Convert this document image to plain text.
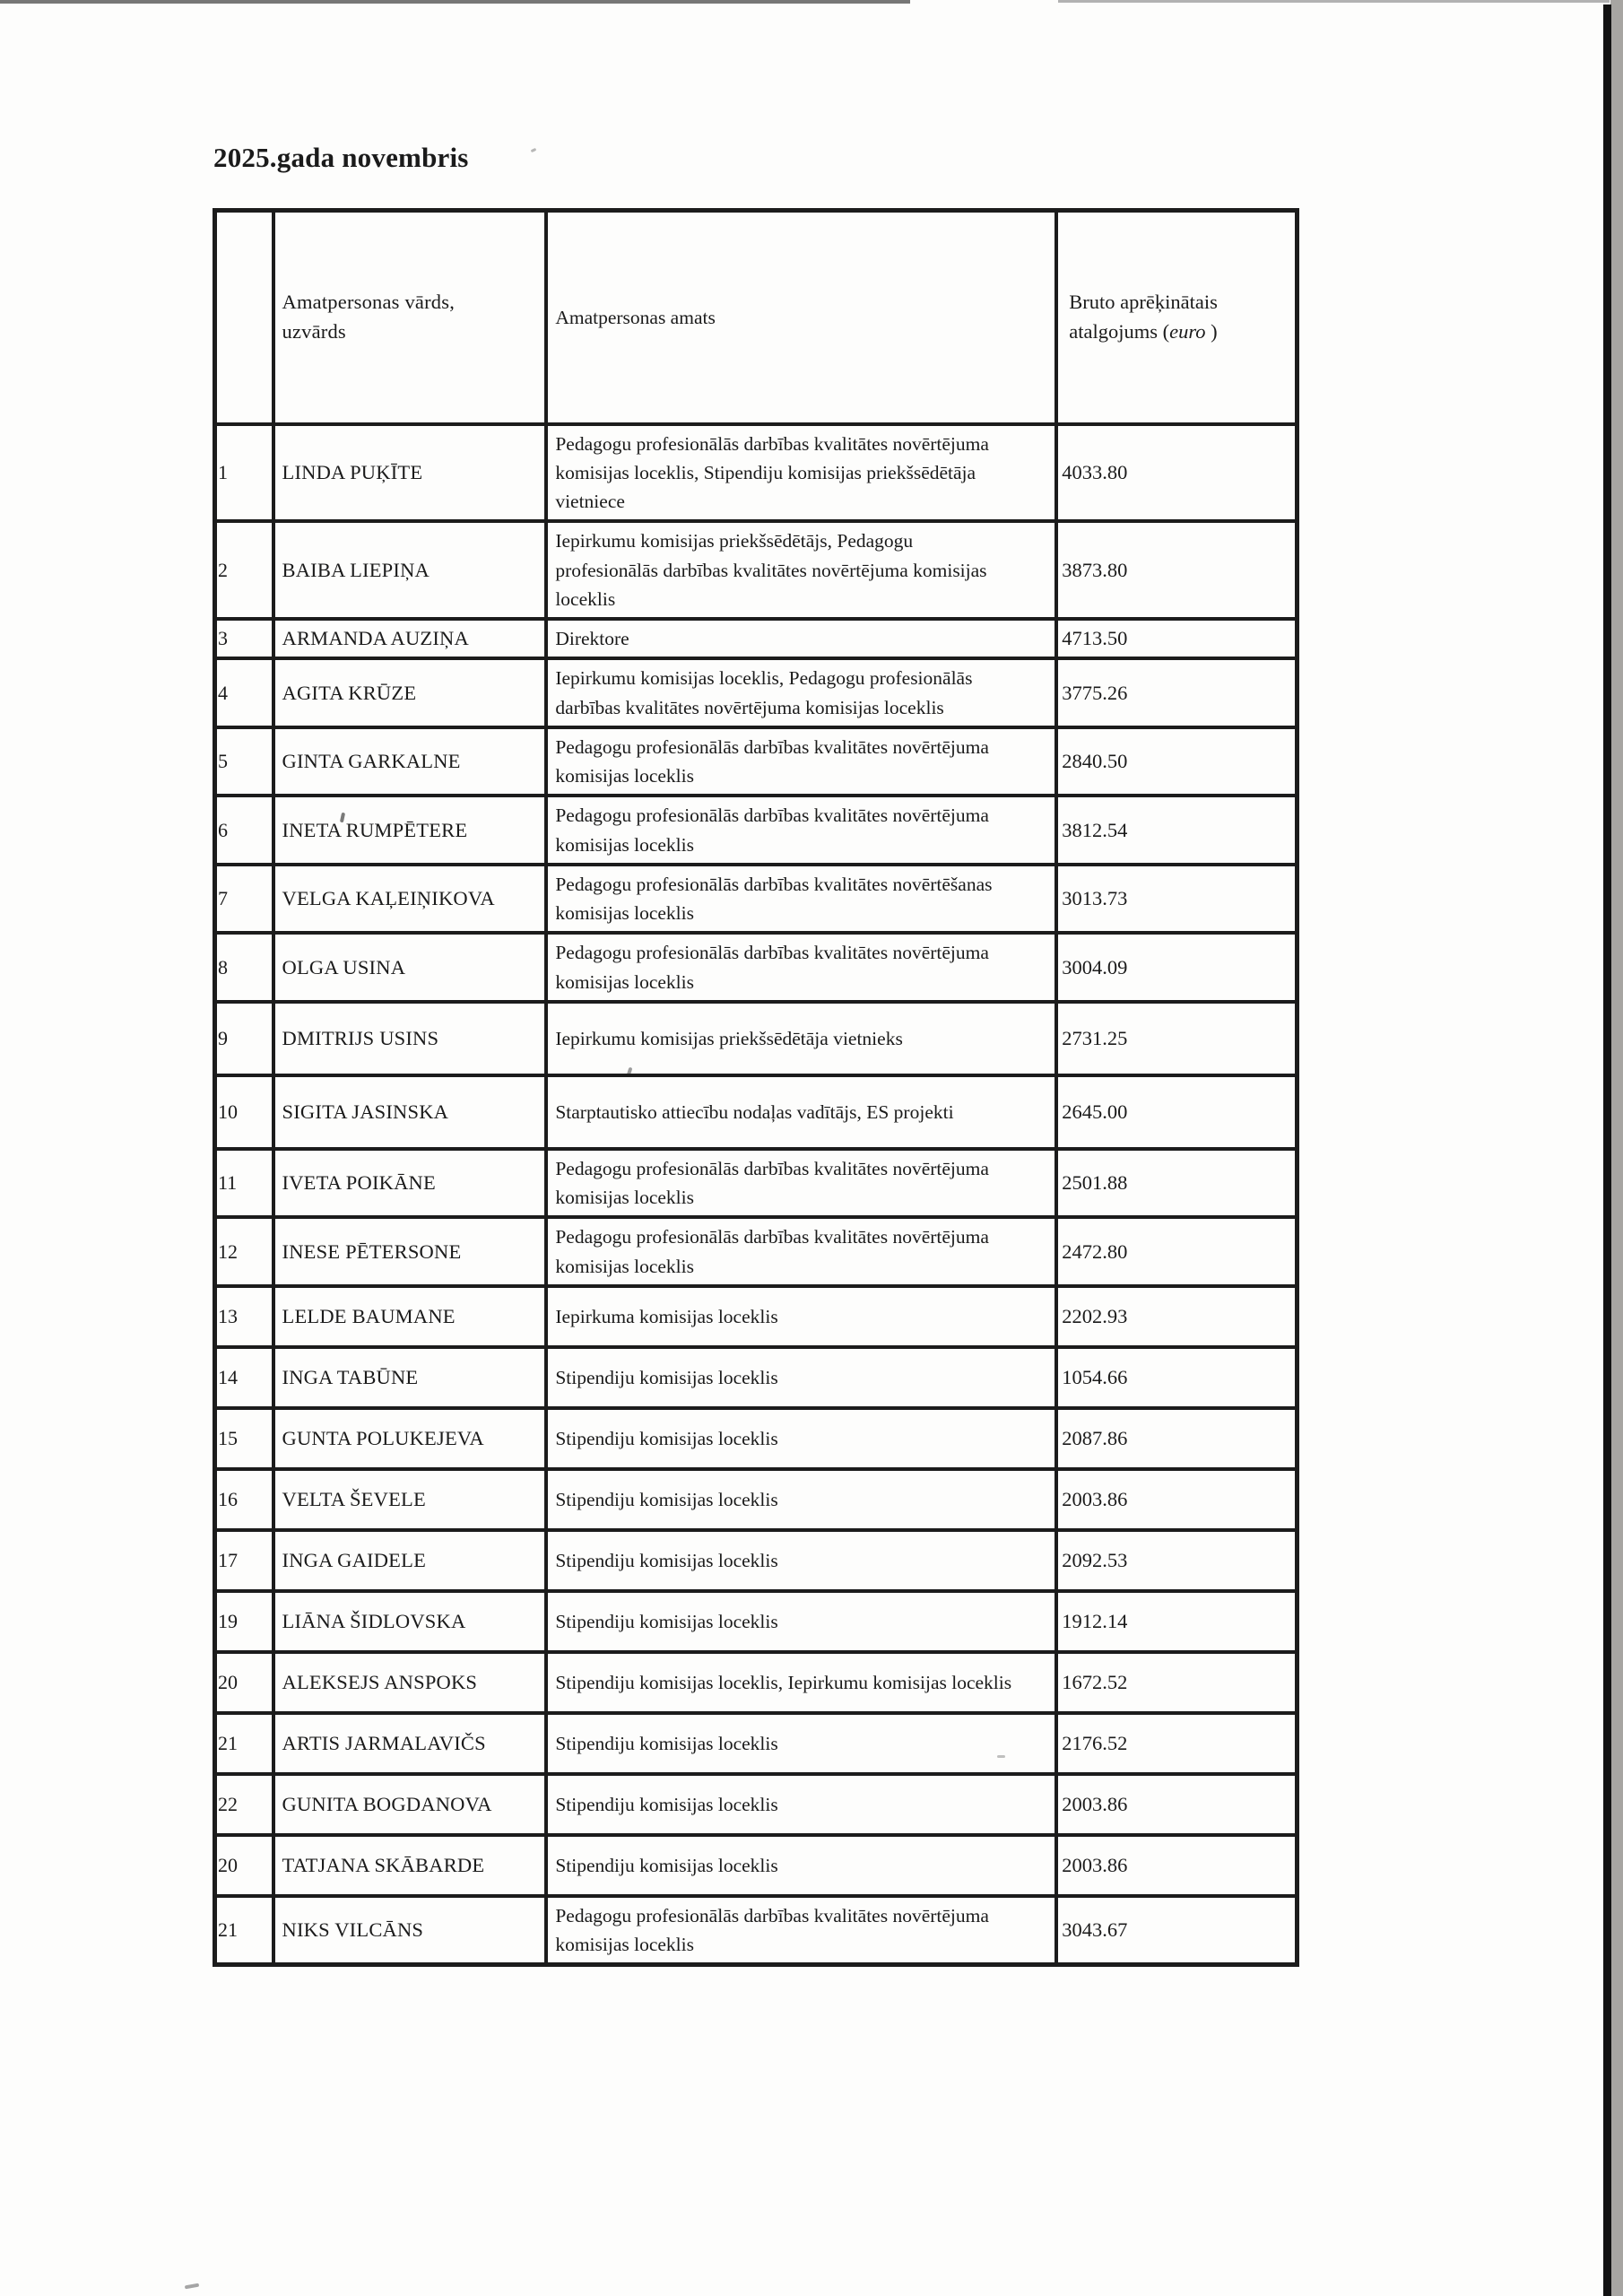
2025.gada novembris
	Amatpersonas vārds, uzvārds	Amatpersonas amats	Bruto aprēķinātais atalgojums (euro )
1	LINDA PUĶĪTE	Pedagogu profesionālās darbības kvalitātes novērtējuma komisijas loceklis, Stipendiju komisijas priekšsēdētāja vietniece	4033.80
2	BAIBA LIEPIŅA	Iepirkumu komisijas priekšsēdētājs, Pedagogu profesionālās darbības kvalitātes novērtējuma komisijas loceklis	3873.80
3	ARMANDA AUZIŅA	Direktore	4713.50
4	AGITA KRŪZE	Iepirkumu komisijas loceklis, Pedagogu profesionālās darbības kvalitātes novērtējuma komisijas loceklis	3775.26
5	GINTA GARKALNE	Pedagogu profesionālās darbības kvalitātes novērtējuma komisijas loceklis	2840.50
6	INETA RUMPĒTERE	Pedagogu profesionālās darbības kvalitātes novērtējuma komisijas loceklis	3812.54
7	VELGA KAĻEIŅIKOVA	Pedagogu profesionālās darbības kvalitātes novērtēšanas komisijas loceklis	3013.73
8	OLGA USINA	Pedagogu profesionālās darbības kvalitātes novērtējuma komisijas loceklis	3004.09
9	DMITRIJS USINS	Iepirkumu komisijas priekšsēdētāja vietnieks	2731.25
10	SIGITA JASINSKA	Starptautisko attiecību nodaļas vadītājs, ES projekti	2645.00
11	IVETA POIKĀNE	Pedagogu profesionālās darbības kvalitātes novērtējuma komisijas loceklis	2501.88
12	INESE PĒTERSONE	Pedagogu profesionālās darbības kvalitātes novērtējuma komisijas loceklis	2472.80
13	LELDE BAUMANE	Iepirkuma komisijas loceklis	2202.93
14	INGA TABŪNE	Stipendiju komisijas loceklis	1054.66
15	GUNTA POLUKEJEVA	Stipendiju komisijas loceklis	2087.86
16	VELTA ŠEVELE	Stipendiju komisijas loceklis	2003.86
17	INGA GAIDELE	Stipendiju komisijas loceklis	2092.53
19	LIĀNA ŠIDLOVSKA	Stipendiju komisijas loceklis	1912.14
20	ALEKSEJS ANSPOKS	Stipendiju komisijas loceklis, Iepirkumu komisijas loceklis	1672.52
21	ARTIS JARMALAVIČS	Stipendiju komisijas loceklis	2176.52
22	GUNITA BOGDANOVA	Stipendiju komisijas loceklis	2003.86
20	TATJANA SKĀBARDE	Stipendiju komisijas loceklis	2003.86
21	NIKS VILCĀNS	Pedagogu profesionālās darbības kvalitātes novērtējuma komisijas loceklis	3043.67
